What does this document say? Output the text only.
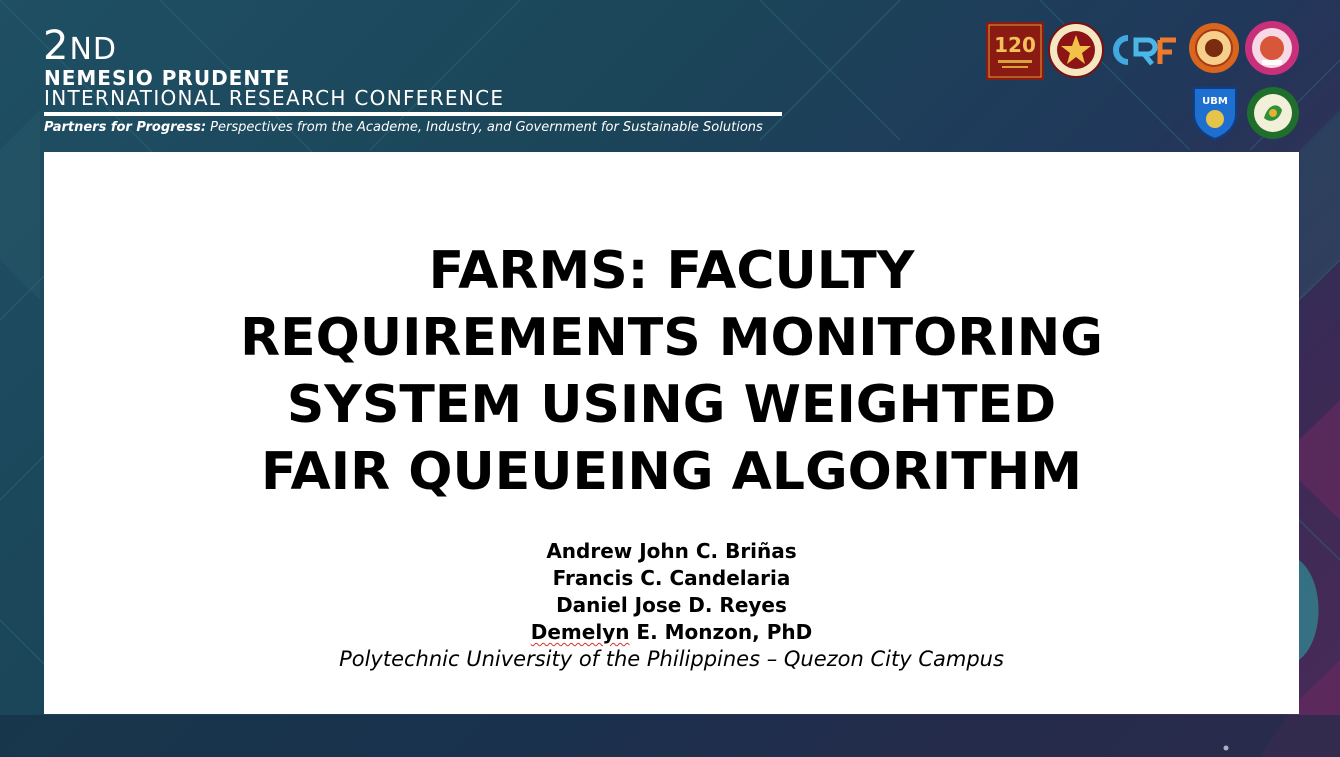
2ND
NEMESIO PRUDENTE
INTERNATIONAL RESEARCH CONFERENCE
Partners for Progress: Perspectives from the Academe, Industry, and Government for Sustainable Solutions
120
UBM
FARMS: FACULTY
REQUIREMENTS MONITORING
SYSTEM USING WEIGHTED
FAIR QUEUEING ALGORITHM
Andrew John C. Briñas
Francis C. Candelaria
Daniel Jose D. Reyes
Demelyn E. Monzon, PhD
Polytechnic University of the Philippines – Quezon City Campus
